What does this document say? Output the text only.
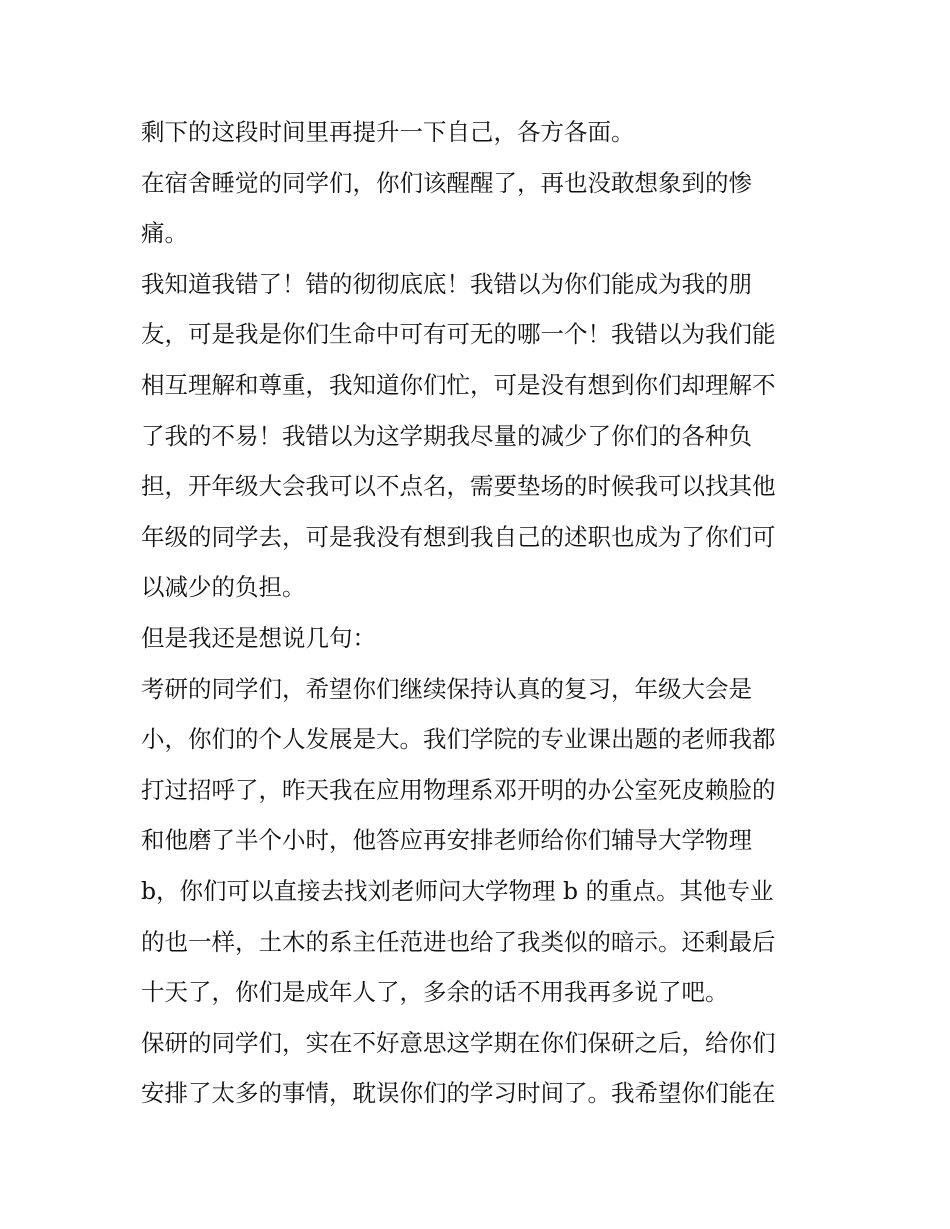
剩下的这段时间里再提升一下自己，各方各面。
在宿舍睡觉的同学们，你们该醒醒了，再也没敢想象到的惨
痛。
我知道我错了！错的彻彻底底！我错以为你们能成为我的朋
友，可是我是你们生命中可有可无的哪一个！我错以为我们能
相互理解和尊重，我知道你们忙，可是没有想到你们却理解不
了我的不易！我错以为这学期我尽量的减少了你们的各种负
担，开年级大会我可以不点名，需要垫场的时候我可以找其他
年级的同学去，可是我没有想到我自己的述职也成为了你们可
以减少的负担。
但是我还是想说几句：
考研的同学们，希望你们继续保持认真的复习，年级大会是
小，你们的个人发展是大。我们学院的专业课出题的老师我都
打过招呼了，昨天我在应用物理系邓开明的办公室死皮赖脸的
和他磨了半个小时，他答应再安排老师给你们辅导大学物理
b，你们可以直接去找刘老师问大学物理 b 的重点。其他专业
的也一样，土木的系主任范进也给了我类似的暗示。还剩最后
十天了，你们是成年人了，多余的话不用我再多说了吧。
保研的同学们，实在不好意思这学期在你们保研之后，给你们
安排了太多的事情，耽误你们的学习时间了。我希望你们能在
